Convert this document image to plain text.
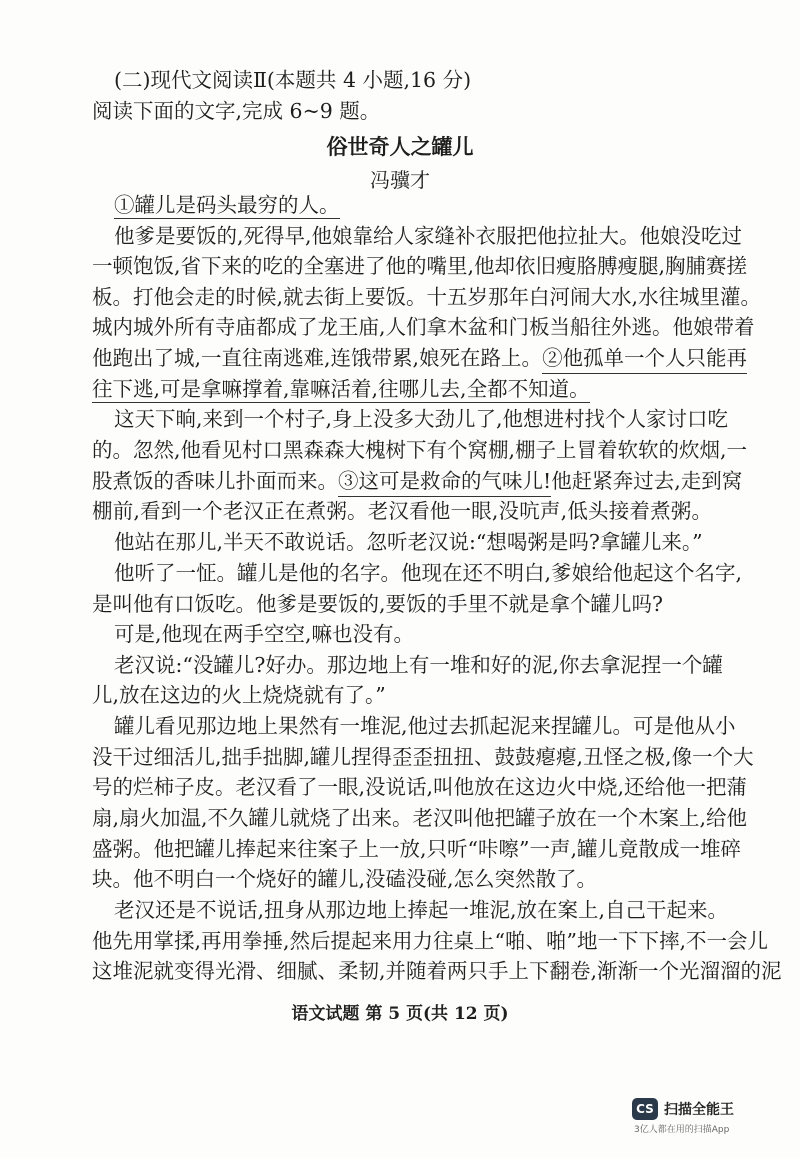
(二)现代文阅读Ⅱ(本题共 4 小题,16 分)
阅读下面的文字,完成 6~9 题。
俗世奇人之罐儿
冯骥才
①罐儿是码头最穷的人。
他爹是要饭的,死得早,他娘靠给人家缝补衣服把他拉扯大。他娘没吃过
一顿饱饭,省下来的吃的全塞进了他的嘴里,他却依旧瘦胳膊瘦腿,胸脯赛搓
板。打他会走的时候,就去街上要饭。十五岁那年白河闹大水,水往城里灌。
城内城外所有寺庙都成了龙王庙,人们拿木盆和门板当船往外逃。他娘带着
他跑出了城,一直往南逃难,连饿带累,娘死在路上。 ②他孤单一个人只能再
往下逃,可是拿嘛撑着,靠嘛活着,往哪儿去,全都不知道。
这天下晌,来到一个村子,身上没多大劲儿了,他想进村找个人家讨口吃
的。忽然,他看见村口黑森森大槐树下有个窝棚,棚子上冒着软软的炊烟,一
股煮饭的香味儿扑面而来。 ③这可是救命的气味儿! 他赶紧奔过去,走到窝
棚前,看到一个老汉正在煮粥。老汉看他一眼,没吭声,低头接着煮粥。
他站在那儿,半天不敢说话。忽听老汉说:“想喝粥是吗?拿罐儿来。”
他听了一怔。罐儿是他的名字。他现在还不明白,爹娘给他起这个名字,
是叫他有口饭吃。他爹是要饭的,要饭的手里不就是拿个罐儿吗?
可是,他现在两手空空,嘛也没有。
老汉说:“没罐儿?好办。那边地上有一堆和好的泥,你去拿泥捏一个罐
儿,放在这边的火上烧烧就有了。”
罐儿看见那边地上果然有一堆泥,他过去抓起泥来捏罐儿。可是他从小
没干过细活儿,拙手拙脚,罐儿捏得歪歪扭扭、鼓鼓瘪瘪,丑怪之极,像一个大
号的烂柿子皮。老汉看了一眼,没说话,叫他放在这边火中烧,还给他一把蒲
扇,扇火加温,不久罐儿就烧了出来。老汉叫他把罐子放在一个木案上,给他
盛粥。他把罐儿捧起来往案子上一放,只听“咔嚓”一声,罐儿竟散成一堆碎
块。他不明白一个烧好的罐儿,没磕没碰,怎么突然散了。
老汉还是不说话,扭身从那边地上捧起一堆泥,放在案上,自己干起来。
他先用掌揉,再用拳捶,然后提起来用力往桌上“啪、啪”地一下下摔,不一会儿
这堆泥就变得光滑、细腻、柔韧,并随着两只手上下翻卷,渐渐一个光溜溜的泥
语文试题 第 5 页(共 12 页)
CS 扫描全能王
3亿人都在用的扫描App
